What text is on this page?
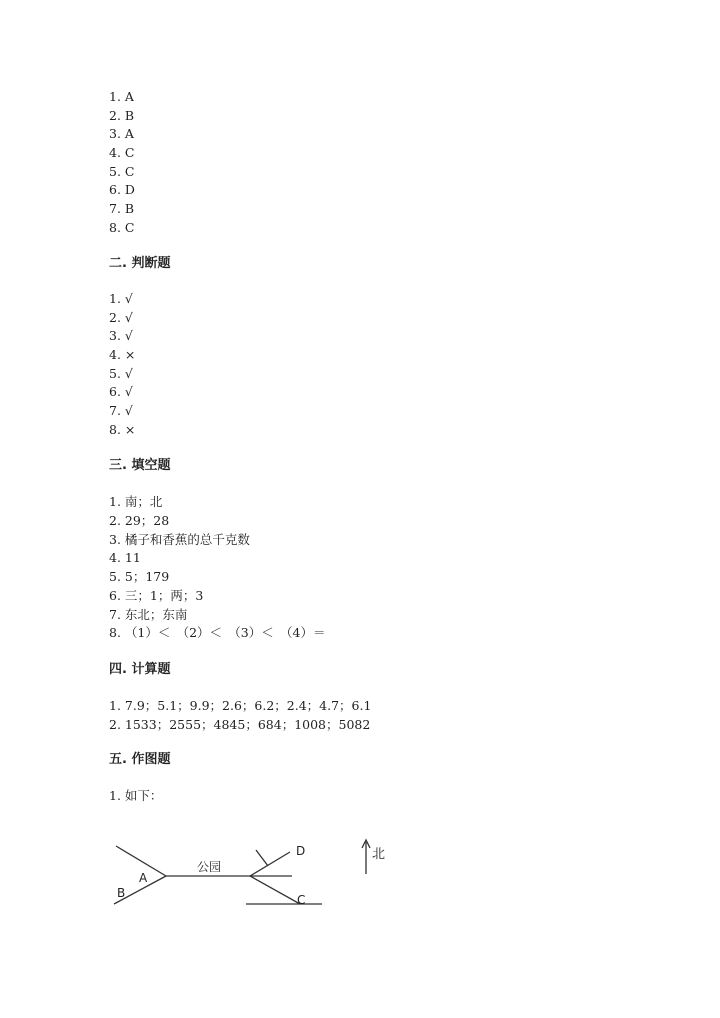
1. A
2. B
3. A
4. C
5. C
6. D
7. B
8. C
二. 判断题
1. √
2. √
3. √
4. ×
5. √
6. √
7. √
8. ×
三. 填空题
1. 南；北
2. 29；28
3. 橘子和香蕉的总千克数
4. 11
5. 5；179
6. 三；1；两；3
7. 东北；东南
8. （1）＜　（2）＜　（3）＜　（4）＝
四. 计算题
1. 7.9；5.1；9.9；2.6；6.2；2.4；4.7；6.1
2. 1533；2555；4845；684；1008；5082
五. 作图题
1. 如下：
公园
A
B	C
D	北
